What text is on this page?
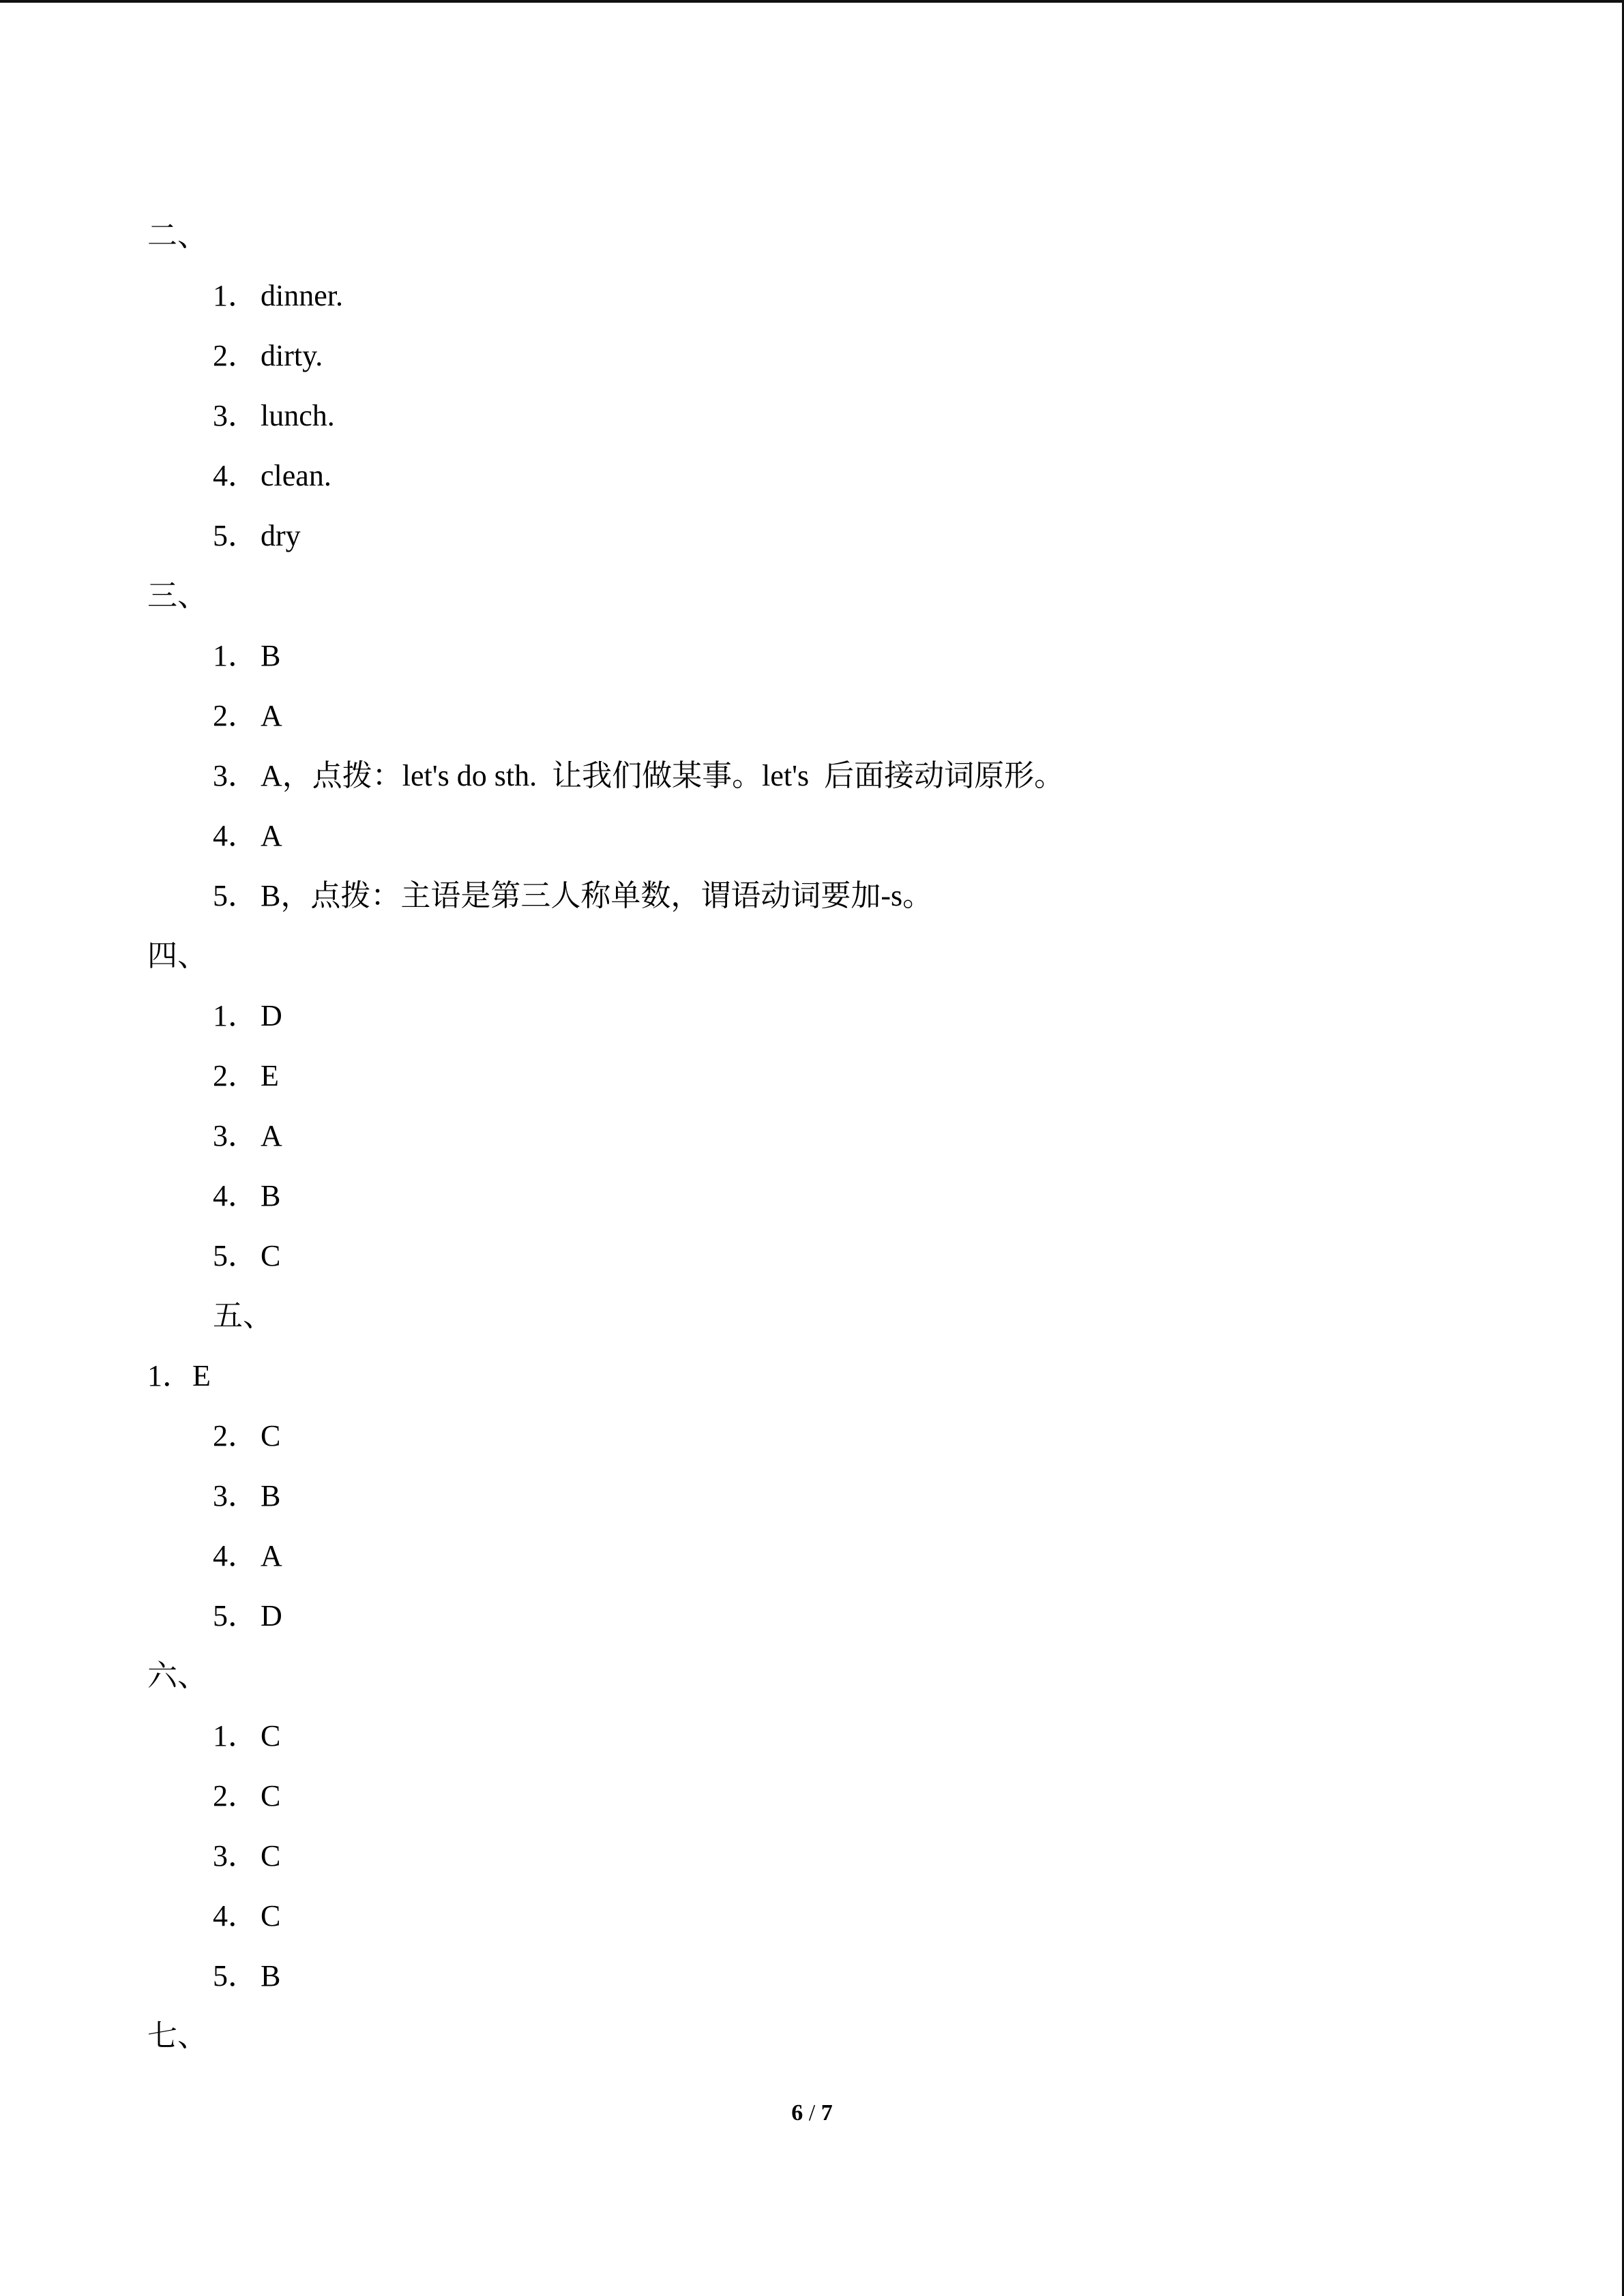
二、
1．dinner.
2．dirty.
3．lunch.
4．clean.
5．dry
三、
1．B
2．A
3．A，点拨：let's do sth.  让我们做某事。let's  后面接动词原形。
4．A
5．B，点拨：主语是第三人称单数，谓语动词要加-s。
四、
1．D
2．E
3．A
4．B
5．C
五、
1．E
2．C
3．B
4．A
5．D
六、
1．C
2．C
3．C
4．C
5．B
七、
6 / 7
